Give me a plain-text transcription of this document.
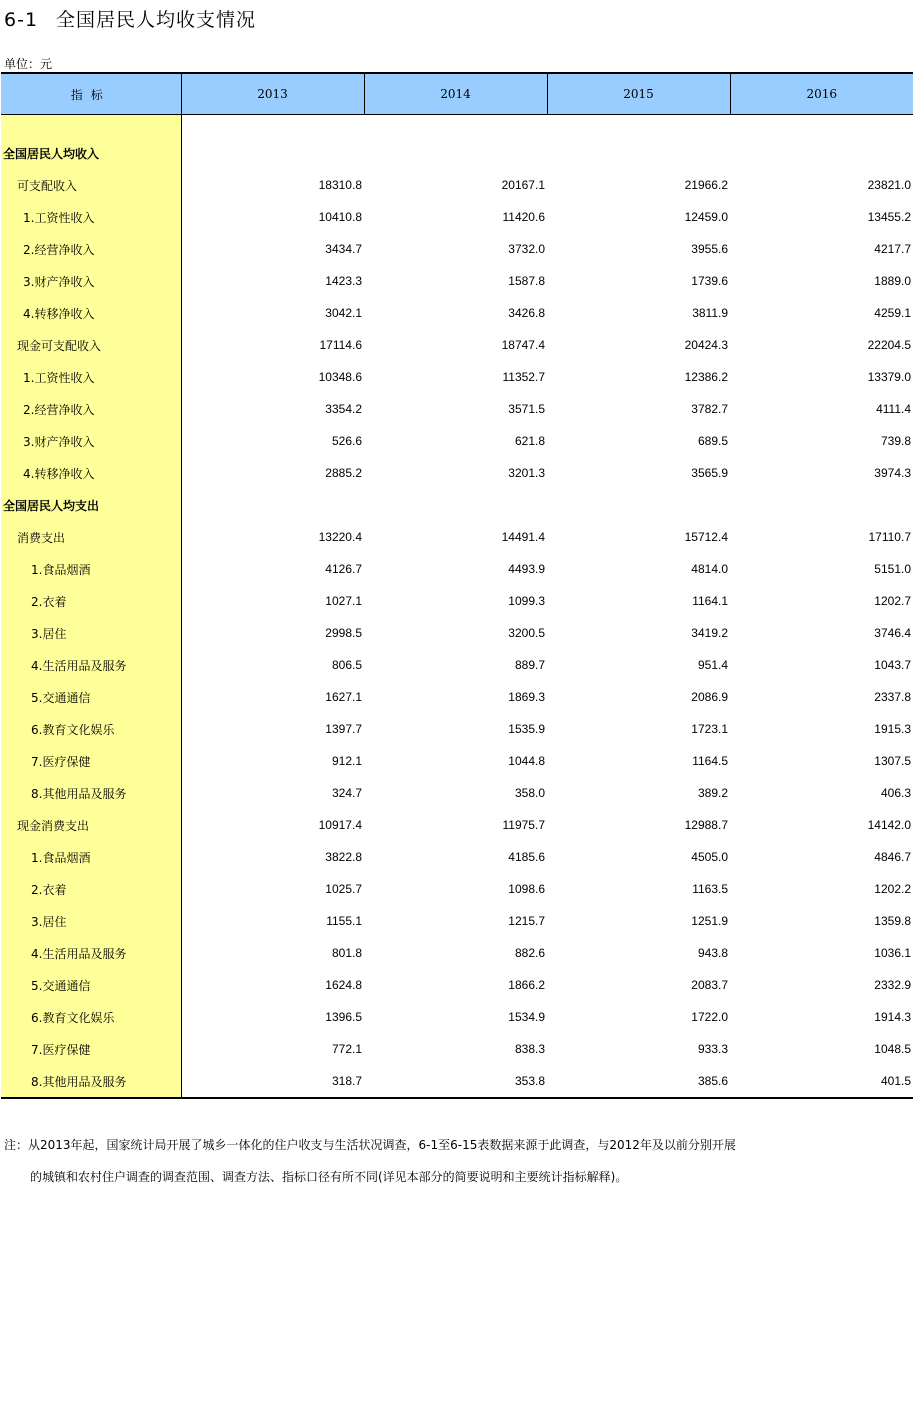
6-1 全国居民人均收支情况
单位：元
指标	2013	2014	2015	2016

全国居民人均收入				
可支配收入	18310.8	20167.1	21966.2	23821.0
1.工资性收入	10410.8	11420.6	12459.0	13455.2
2.经营净收入	3434.7	3732.0	3955.6	4217.7
3.财产净收入	1423.3	1587.8	1739.6	1889.0
4.转移净收入	3042.1	3426.8	3811.9	4259.1
现金可支配收入	17114.6	18747.4	20424.3	22204.5
1.工资性收入	10348.6	11352.7	12386.2	13379.0
2.经营净收入	3354.2	3571.5	3782.7	4111.4
3.财产净收入	526.6	621.8	689.5	739.8
4.转移净收入	2885.2	3201.3	3565.9	3974.3
全国居民人均支出				
消费支出	13220.4	14491.4	15712.4	17110.7
1.食品烟酒	4126.7	4493.9	4814.0	5151.0
2.衣着	1027.1	1099.3	1164.1	1202.7
3.居住	2998.5	3200.5	3419.2	3746.4
4.生活用品及服务	806.5	889.7	951.4	1043.7
5.交通通信	1627.1	1869.3	2086.9	2337.8
6.教育文化娱乐	1397.7	1535.9	1723.1	1915.3
7.医疗保健	912.1	1044.8	1164.5	1307.5
8.其他用品及服务	324.7	358.0	389.2	406.3
现金消费支出	10917.4	11975.7	12988.7	14142.0
1.食品烟酒	3822.8	4185.6	4505.0	4846.7
2.衣着	1025.7	1098.6	1163.5	1202.2
3.居住	1155.1	1215.7	1251.9	1359.8
4.生活用品及服务	801.8	882.6	943.8	1036.1
5.交通通信	1624.8	1866.2	2083.7	2332.9
6.教育文化娱乐	1396.5	1534.9	1722.0	1914.3
7.医疗保健	772.1	838.3	933.3	1048.5
8.其他用品及服务	318.7	353.8	385.6	401.5
注：从2013年起，国家统计局开展了城乡一体化的住户收支与生活状况调查，6-1至6-15表数据来源于此调查，与2012年及以前分别开展
的城镇和农村住户调查的调查范围、调查方法、指标口径有所不同(详见本部分的简要说明和主要统计指标解释)。
